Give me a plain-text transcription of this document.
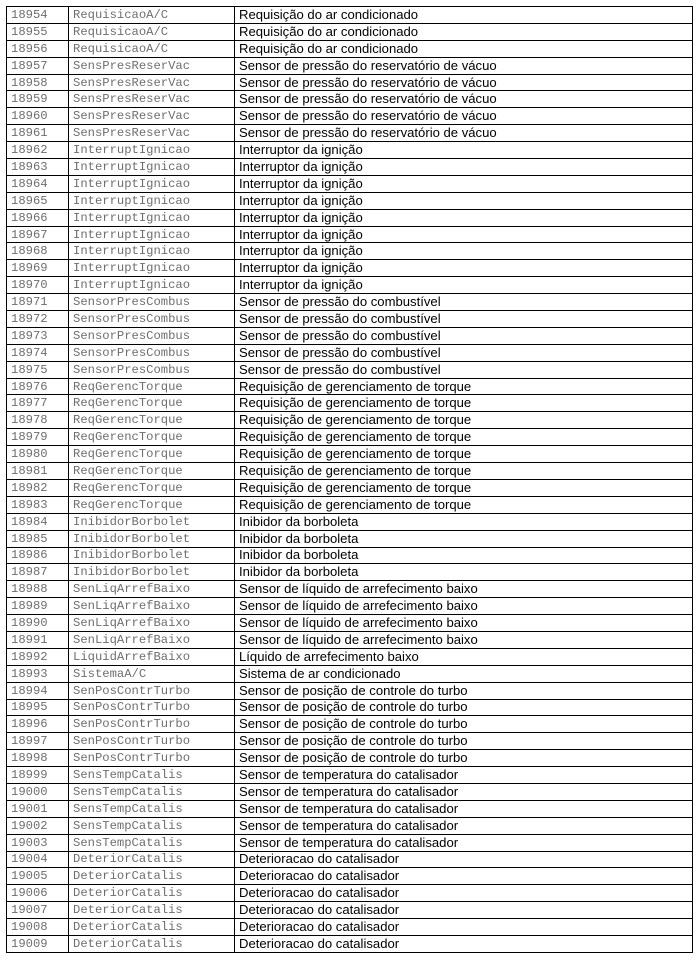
18954	RequisicaoA/C	Requisição do ar condicionado
18955	RequisicaoA/C	Requisição do ar condicionado
18956	RequisicaoA/C	Requisição do ar condicionado
18957	SensPresReserVac	Sensor de pressão do reservatório de vácuo
18958	SensPresReserVac	Sensor de pressão do reservatório de vácuo
18959	SensPresReserVac	Sensor de pressão do reservatório de vácuo
18960	SensPresReserVac	Sensor de pressão do reservatório de vácuo
18961	SensPresReserVac	Sensor de pressão do reservatório de vácuo
18962	InterruptIgnicao	Interruptor da ignição
18963	InterruptIgnicao	Interruptor da ignição
18964	InterruptIgnicao	Interruptor da ignição
18965	InterruptIgnicao	Interruptor da ignição
18966	InterruptIgnicao	Interruptor da ignição
18967	InterruptIgnicao	Interruptor da ignição
18968	InterruptIgnicao	Interruptor da ignição
18969	InterruptIgnicao	Interruptor da ignição
18970	InterruptIgnicao	Interruptor da ignição
18971	SensorPresCombus	Sensor de pressão do combustível
18972	SensorPresCombus	Sensor de pressão do combustível
18973	SensorPresCombus	Sensor de pressão do combustível
18974	SensorPresCombus	Sensor de pressão do combustível
18975	SensorPresCombus	Sensor de pressão do combustível
18976	ReqGerencTorque	Requisição de gerenciamento de torque
18977	ReqGerencTorque	Requisição de gerenciamento de torque
18978	ReqGerencTorque	Requisição de gerenciamento de torque
18979	ReqGerencTorque	Requisição de gerenciamento de torque
18980	ReqGerencTorque	Requisição de gerenciamento de torque
18981	ReqGerencTorque	Requisição de gerenciamento de torque
18982	ReqGerencTorque	Requisição de gerenciamento de torque
18983	ReqGerencTorque	Requisição de gerenciamento de torque
18984	InibidorBorbolet	Inibidor da borboleta
18985	InibidorBorbolet	Inibidor da borboleta
18986	InibidorBorbolet	Inibidor da borboleta
18987	InibidorBorbolet	Inibidor da borboleta
18988	SenLiqArrefBaixo	Sensor de líquido de arrefecimento baixo
18989	SenLiqArrefBaixo	Sensor de líquido de arrefecimento baixo
18990	SenLiqArrefBaixo	Sensor de líquido de arrefecimento baixo
18991	SenLiqArrefBaixo	Sensor de líquido de arrefecimento baixo
18992	LiquidArrefBaixo	Líquido de arrefecimento baixo
18993	SistemaA/C	Sistema de ar condicionado
18994	SenPosContrTurbo	Sensor de posição de controle do turbo
18995	SenPosContrTurbo	Sensor de posição de controle do turbo
18996	SenPosContrTurbo	Sensor de posição de controle do turbo
18997	SenPosContrTurbo	Sensor de posição de controle do turbo
18998	SenPosContrTurbo	Sensor de posição de controle do turbo
18999	SensTempCatalis	Sensor de temperatura do catalisador
19000	SensTempCatalis	Sensor de temperatura do catalisador
19001	SensTempCatalis	Sensor de temperatura do catalisador
19002	SensTempCatalis	Sensor de temperatura do catalisador
19003	SensTempCatalis	Sensor de temperatura do catalisador
19004	DeteriorCatalis	Deterioracao do catalisador
19005	DeteriorCatalis	Deterioracao do catalisador
19006	DeteriorCatalis	Deterioracao do catalisador
19007	DeteriorCatalis	Deterioracao do catalisador
19008	DeteriorCatalis	Deterioracao do catalisador
19009	DeteriorCatalis	Deterioracao do catalisador
